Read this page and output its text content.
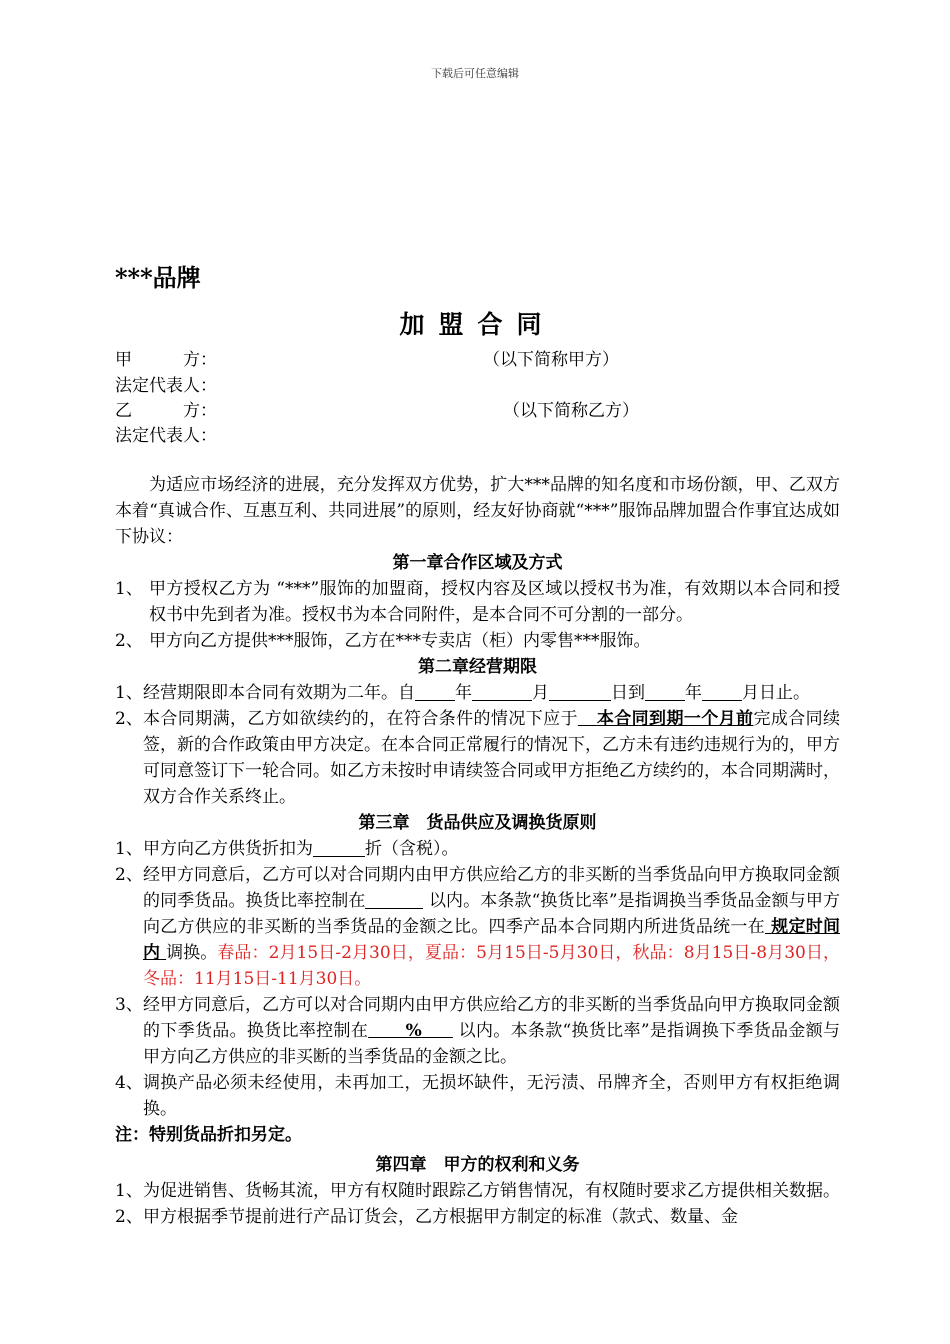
下载后可任意编辑
***品牌
加盟合同
甲　　　方：	（以下简称甲方）
法定代表人：
乙　　　方：	（以下简称乙方）
法定代表人：

为适应市场经济的进展，充分发挥双方优势，扩大***品牌的知名度和市场份额，甲、乙双方本着“真诚合作、互惠互利、共同进展”的原则，经友好协商就“***”服饰品牌加盟合作事宜达成如下协议：

第一章合作区域及方式

1、 甲方授权乙方为 “***”服饰的加盟商，授权内容及区域以授权书为准，有效期以本合同和授权书中先到者为准。授权书为本合同附件，是本合同不可分割的一部分。

2、 甲方向乙方提供***服饰，乙方在***专卖店（柜）内零售***服饰。

第二章经营期限

1、 经营期限即本合同有效期为二年。自 年	月	日到 年 月日止。

2、 本合同期满，乙方如欲续约的，在符合条件的情况下应于 本合同到期一个月前完成合同续签，新的合作政策由甲方决定。在本合同正常履行的情况下，乙方未有违约违规行为的，甲方可同意签订下一轮合同。如乙方未按时申请续签合同或甲方拒绝乙方续约的，本合同期满时，双方合作关系终止。

第三章　货品供应及调换货原则

1、 甲方向乙方供货折扣为	折（含税）。

2、 经甲方同意后，乙方可以对合同期内由甲方供应给乙方的非买断的当季货品向甲方换取同金额的同季货品。换货比率控制在	以内。本条款“换货比率”是指调换当季货品金额与甲方向乙方供应的非买断的当季货品的金额之比。四季产品本合同期内所进货品统一在 规定时间内 调换。春品：2月15日-2月30日，夏品：5月15日-5月30日，秋品：8月15日-8月30日，冬品：11月15日-11月30日。

3、 经甲方同意后，乙方可以对合同期内由甲方供应给乙方的非买断的当季货品向甲方换取同金额的下季货品。换货比率控制在 %      以内。本条款“换货比率”是指调换下季货品金额与甲方向乙方供应的非买断的当季货品的金额之比。

4、 调换产品必须未经使用，未再加工，无损坏缺件，无污渍、吊牌齐全，否则甲方有权拒绝调换。

注：特别货品折扣另定。

第四章　甲方的权利和义务

1、 为促进销售、货畅其流，甲方有权随时跟踪乙方销售情况，有权随时要求乙方提供相关数据。

2、 甲方根据季节提前进行产品订货会，乙方根据甲方制定的标准（款式、数量、金
